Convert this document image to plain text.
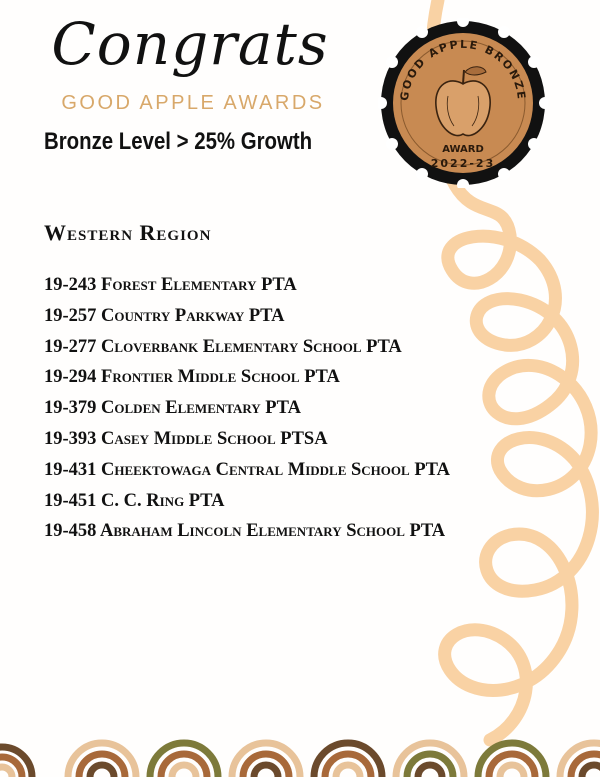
Congrats
GOOD APPLE AWARDS
Bronze Level > 25% Growth
GOOD APPLE BRONZE
AWARD
2022-23
Western Region
19-243 Forest Elementary PTA
19-257 Country Parkway PTA
19-277 Cloverbank Elementary School PTA
19-294 Frontier Middle School PTA
19-379 Colden Elementary PTA
19-393 Casey Middle School PTSA
19-431 Cheektowaga Central Middle School PTA
19-451 C. C. Ring PTA
19-458 Abraham Lincoln Elementary School PTA
